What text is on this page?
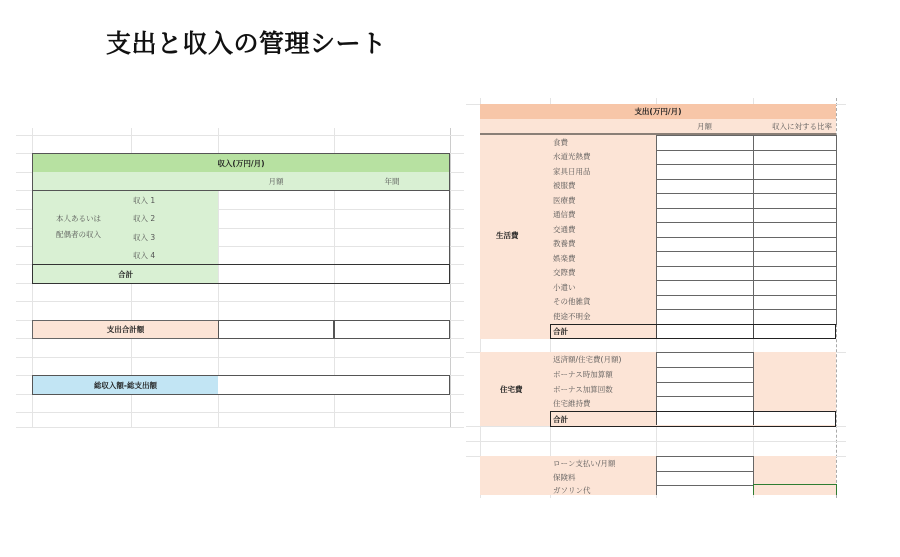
支出と収入の管理シート
収入(万円/月)
月額	年間
本人あるいは
配偶者の収入
収入 1
収入 2
収入 3
収入 4
合計
支出合計額
総収入額-総支出額
支出(万円/月)
月額	収入に対する比率
生活費
食費
水道光熱費
家具日用品
被服費
医療費
通信費
交通費
教養費
娯楽費
交際費
小遣い
その他雑貨
使途不明金
合計
住宅費
返済額/住宅費(月額)
ボーナス時加算額
ボーナス加算回数
住宅維持費
合計
ローン支払い/月額
保険料
ガソリン代
